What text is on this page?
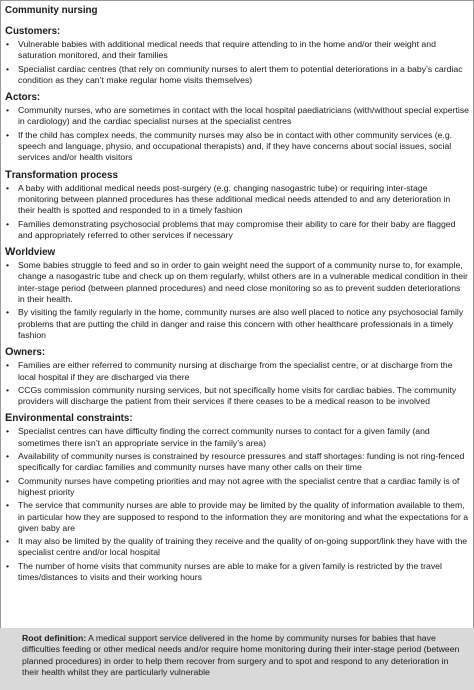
Community nursing
Customers:
• Vulnerable babies with additional medical needs that require attending to in the home and/or their weight and saturation monitored, and their families
• Specialist cardiac centres (that rely on community nurses to alert them to potential deteriorations in a baby’s cardiac condition as they can’t make regular home visits themselves)
Actors:
• Community nurses, who are sometimes in contact with the local hospital paediatricians (with/without special expertise in cardiology) and the cardiac specialist nurses at the specialist centres
• If the child has complex needs, the community nurses may also be in contact with other community services (e.g. speech and language, physio, and occupational therapists) and, if they have concerns about social issues, social services and/or health visitors
Transformation process
• A baby with additional medical needs post-surgery (e.g. changing nasogastric tube) or requiring inter-stage monitoring between planned procedures has these additional medical needs attended to and any deterioration in their health is spotted and responded to in a timely fashion
• Families demonstrating psychosocial problems that may compromise their ability to care for their baby are flagged and appropriately referred to other services if necessary
Worldview
• Some babies struggle to feed and so in order to gain weight need the support of a community nurse to, for example, change a nasogastric tube and check up on them regularly, whilst others are in a vulnerable medical condition in their inter-stage period (between planned procedures) and need close monitoring so as to prevent sudden deteriorations in their health.
• By visiting the family regularly in the home, community nurses are also well placed to notice any psychosocial family problems that are putting the child in danger and raise this concern with other healthcare professionals in a timely fashion
Owners:
• Families are either referred to community nursing at discharge from the specialist centre, or at discharge from the local hospital if they are discharged via there
• CCGs commission community nursing services, but not specifically home visits for cardiac babies. The community providers will discharge the patient from their services if there ceases to be a medical reason to be involved
Environmental constraints:
• Specialist centres can have difficulty finding the correct community nurses to contact for a given family (and sometimes there isn’t an appropriate service in the family’s area)
• Availability of community nurses is constrained by resource pressures and staff shortages: funding is not ring-fenced specifically for cardiac families and community nurses have many other calls on their time
• Community nurses have competing priorities and may not agree with the specialist centre that a cardiac family is of highest priority
• The service that community nurses are able to provide may be limited by the quality of information available to them, in particular how they are supposed to respond to the information they are monitoring and what the expectations for a given baby are
• It may also be limited by the quality of training they receive and the quality of on-going support/link they have with the specialist centre and/or local hospital
• The number of home visits that community nurses are able to make for a given family is restricted by the travel times/distances to visits and their working hours
Root definition: A medical support service delivered in the home by community nurses for babies that have difficulties feeding or other medical needs and/or require home monitoring during their inter-stage period (between planned procedures) in order to help them recover from surgery and to spot and respond to any deterioration in their health whilst they are particularly vulnerable
